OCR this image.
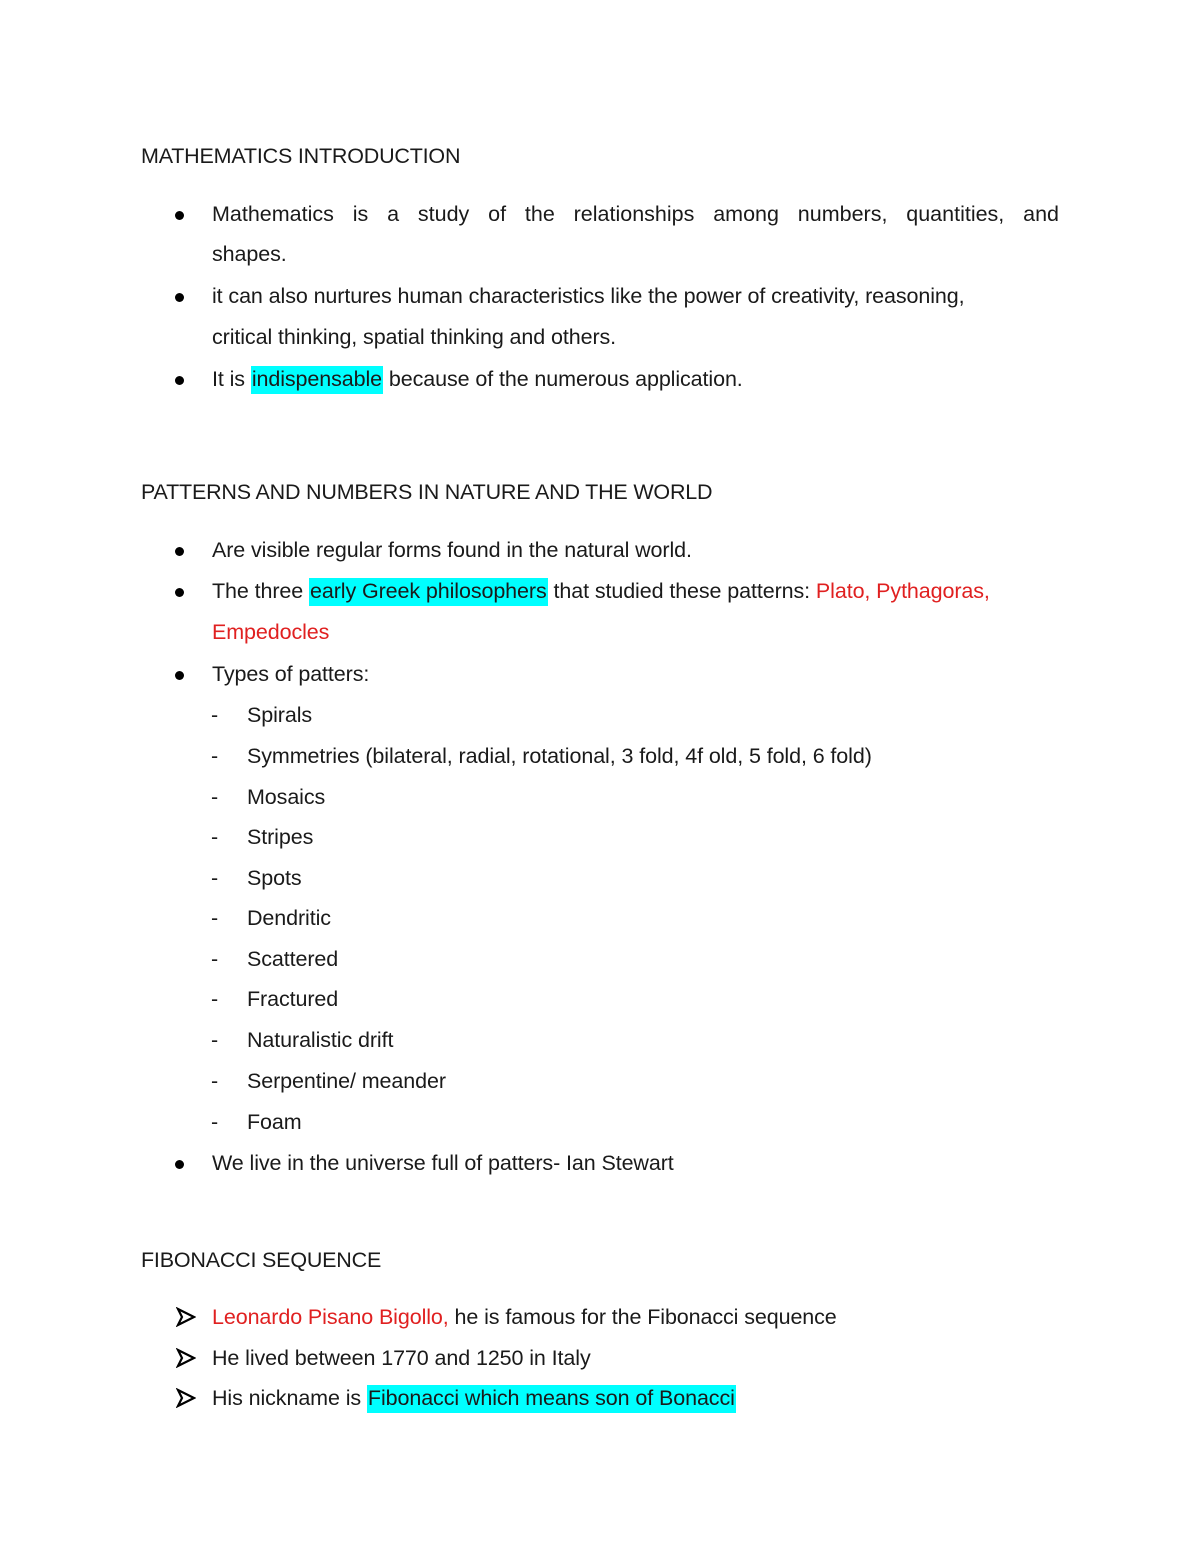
MATHEMATICS INTRODUCTION
Mathematics is a study of the relationships among numbers, quantities, and
shapes.
it can also nurtures human characteristics like the power of creativity, reasoning,
critical thinking, spatial thinking and others.
It is indispensable because of the numerous application.
PATTERNS AND NUMBERS IN NATURE AND THE WORLD
Are visible regular forms found in the natural world.
The three early Greek philosophers that studied these patterns: Plato, Pythagoras,
Empedocles
Types of patters:
- Spirals
- Symmetries (bilateral, radial, rotational, 3 fold, 4f old, 5 fold, 6 fold)
- Mosaics
- Stripes
- Spots
- Dendritic
- Scattered
- Fractured
- Naturalistic drift
- Serpentine/ meander
- Foam
We live in the universe full of patters- Ian Stewart
FIBONACCI SEQUENCE
Leonardo Pisano Bigollo, he is famous for the Fibonacci sequence
He lived between 1770 and 1250 in Italy
His nickname is Fibonacci which means son of Bonacci
